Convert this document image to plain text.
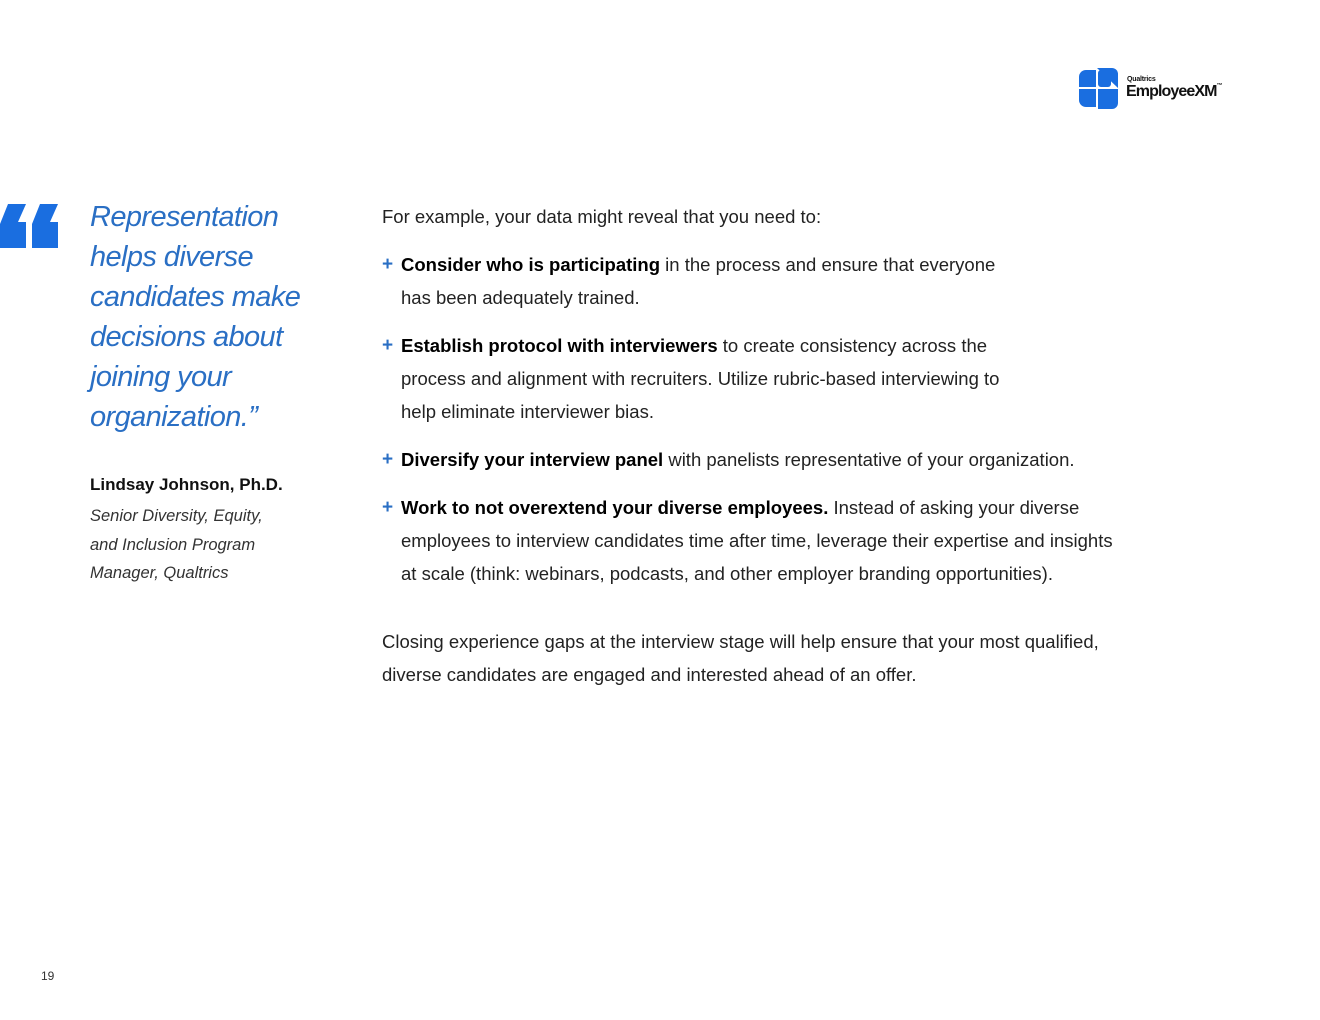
Qualtrics
EmployeeXM™
Representation
helps diverse
candidates make
decisions about
joining your
organization.”
Lindsay Johnson, Ph.D.
Senior Diversity, Equity,
and Inclusion Program
Manager, Qualtrics

For example, your data might reveal that you need to:

+ Consider who is participating in the process and ensure that everyone
has been adequately trained.
+ Establish protocol with interviewers to create consistency across the
process and alignment with recruiters. Utilize rubric-based interviewing to
help eliminate interviewer bias.
+ Diversify your interview panel with panelists representative of your organization.
+ Work to not overextend your diverse employees. Instead of asking your diverse
employees to interview candidates time after time, leverage their expertise and insights
at scale (think: webinars, podcasts, and other employer branding opportunities).

Closing experience gaps at the interview stage will help ensure that your most qualified,
diverse candidates are engaged and interested ahead of an offer.

19
